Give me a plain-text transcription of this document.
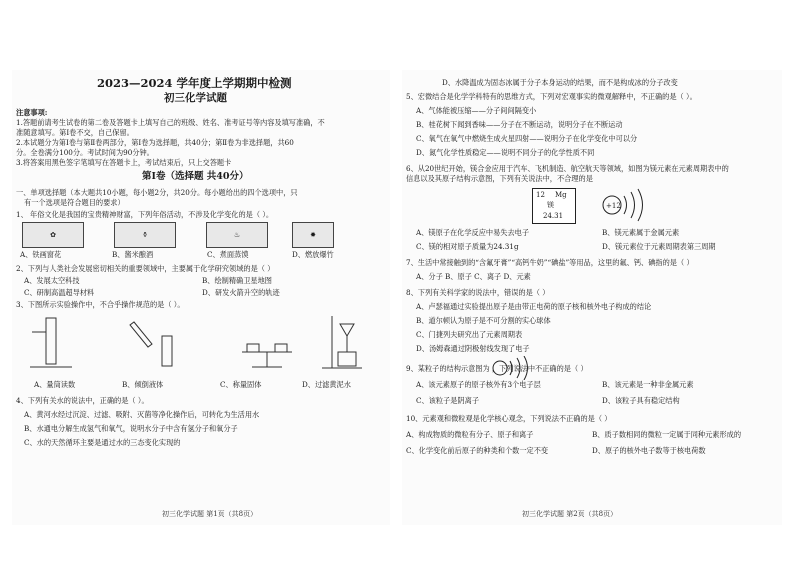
2023—2024 学年度上学期期中检测
初三化学试题
注意事项:
1.答题前请考生试卷的第二卷及答题卡上填写自己的班级、姓名、准考证号等内容及填写准确，不
准随意填写。第Ⅰ卷不交，自己保留。
2.本试题分为第Ⅰ卷与第Ⅱ卷两部分，第Ⅰ卷为选择题，共40分；第Ⅱ卷为非选择题，共60
分。全卷满分100分。考试时间为90分钟。
3.将答案用黑色签字笔填写在答题卡上，考试结束后，只上交答题卡
第Ⅰ卷（选择题 共40分）
一、单项选择题（本大题共10小题，每小题2分，共20分。每小题给出的四个选项中，只
有一个选项是符合题目的要求）
1、 年俗文化是我国的宝贵精神财富，下列年俗活动，不涉及化学变化的是（ ）。
✿	⚱	♨	✸
A、铁画窗花	B、酱米酿酒	C、煮面蒸馍	D、燃放爆竹
2、下列与人类社会发展密切相关的重要领域中，主要属于化学研究领域的是（ ）
A、发展太空科技	B、绘制精确卫星地图
C、研制高温超导材料	D、研发火箭升空的轨迹
3、下图所示实验操作中，不合乎操作规范的是（ ）。
A、量筒读数	B、倾倒液体	C、称量固体	D、过滤黄泥水
4、下列有关水的说法中，正确的是（ ）。
A、黄河水经过沉淀、过滤、吸附、灭菌等净化操作后，可转化为生活用水
B、水通电分解生成氢气和氧气，说明水分子中含有氢分子和氧分子
C、水的天然循环主要是通过水的三态变化实现的
初三化学试题 第1页（共8页）
D、水降温成为固态冰属于分子本身运动的结果，而不是构成冰的分子改变
5、宏微结合是化学学科特有的思维方式，下列对宏观事实的微观解释中，不正确的是（ ）。
A、气体能被压缩——分子间间隔变小
B、桂花树下闻到香味——分子在不断运动，说明分子在不断运动
C、氧气在氧气中燃烧生成火星四射——说明分子在化学变化中可以分
D、氮气化学性质稳定——说明不同分子的化学性质不同
6、从20世纪开始，镁合金应用于汽车、飞机制造、航空航天等领域，如图为镁元素在元素周期表中的
信息以及其原子结构示意图，下列有关说法中，不合理的是
12 Mg
镁
24.31
+12
A、镁原子在化学反应中易失去电子	B、镁元素属于金属元素
C、镁的相对原子质量为24.31g	D、镁元素位于元素周期表第三周期
7、生活中常接触到的“含氟牙膏”“高钙牛奶”“碘盐”等用品，这里的氟、钙、碘指的是（ ）
A、分子 B、原子 C、离子 D、元素
8、下列有关科学家的说法中，错误的是（ ）
A、卢瑟福通过实验提出原子是由带正电荷的原子核和核外电子构成的结论
B、道尔顿认为原子是不可分割的实心球体
C、门捷列夫研究出了元素周期表
D、汤姆森通过阴极射线发现了电子
9、某粒子的结构示意图为 ，下列说法中不正确的是（ ）
A、该元素原子的原子核外有3个电子层	B、该元素是一种非金属元素
C、该粒子是阴离子	D、该粒子具有稳定结构
10、元素观和微粒观是化学核心观念，下列说法不正确的是（ ）
A、构成物质的微粒有分子、原子和离子	B、质子数相同的微粒一定属于同种元素形成的
C、化学变化前后原子的种类和个数一定不变	D、原子的核外电子数等于核电荷数
初三化学试题 第2页（共8页）
